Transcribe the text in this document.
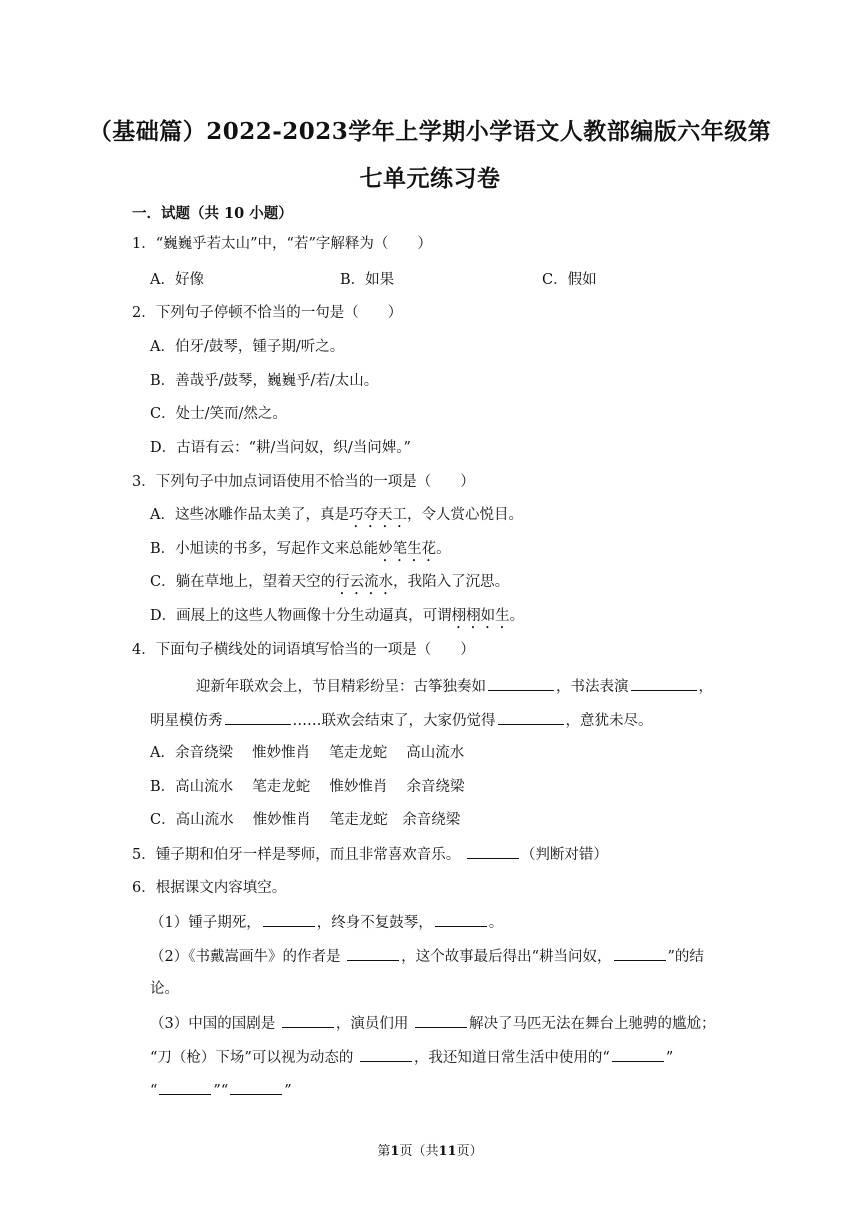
（基础篇）2022-2023学年上学期小学语文人教部编版六年级第
七单元练习卷
一．试题（共 10 小题）
1．“巍巍乎若太山”中，“若”字解释为（　　）
A．好像	B．如果	C．假如
2．下列句子停顿不恰当的一句是（　　）
A．伯牙/鼓琴，锺子期/听之。
B．善哉乎/鼓琴，巍巍乎/若/太山。
C．处士/笑而/然之。
D．古语有云：“耕/当问奴，织/当问婢。”
3．下列句子中加点词语使用不恰当的一项是（　　）
A．这些冰雕作品太美了，真是巧夺天工，令人赏心悦目。
B．小旭读的书多，写起作文来总能妙笔生花。
C．躺在草地上，望着天空的行云流水，我陷入了沉思。
D．画展上的这些人物画像十分生动逼真，可谓栩栩如生。
4．下面句子横线处的词语填写恰当的一项是（　　）
迎新年联欢会上，节目精彩纷呈：古筝独奏如	，书法表演	，
明星模仿秀	……联欢会结束了，大家仍觉得	，意犹未尽。
A．余音绕梁　 惟妙惟肖　 笔走龙蛇　 高山流水
B．高山流水　 笔走龙蛇　 惟妙惟肖　 余音绕梁
C．高山流水　 惟妙惟肖　 笔走龙蛇　余音绕梁
5．锺子期和伯牙一样是琴师，而且非常喜欢音乐。	（判断对错）
6．根据课文内容填空。
（1）锺子期死，	，终身不复鼓琴，	。
（2）《书戴嵩画牛》的作者是	，这个故事最后得出“耕当问奴，	”的结
论。
（3）中国的国剧是	，演员们用	解决了马匹无法在舞台上驰骋的尴尬；
“刀（枪）下场”可以视为动态的	，我还知道日常生活中使用的“	”
“	”“	”
第1页（共11页）
